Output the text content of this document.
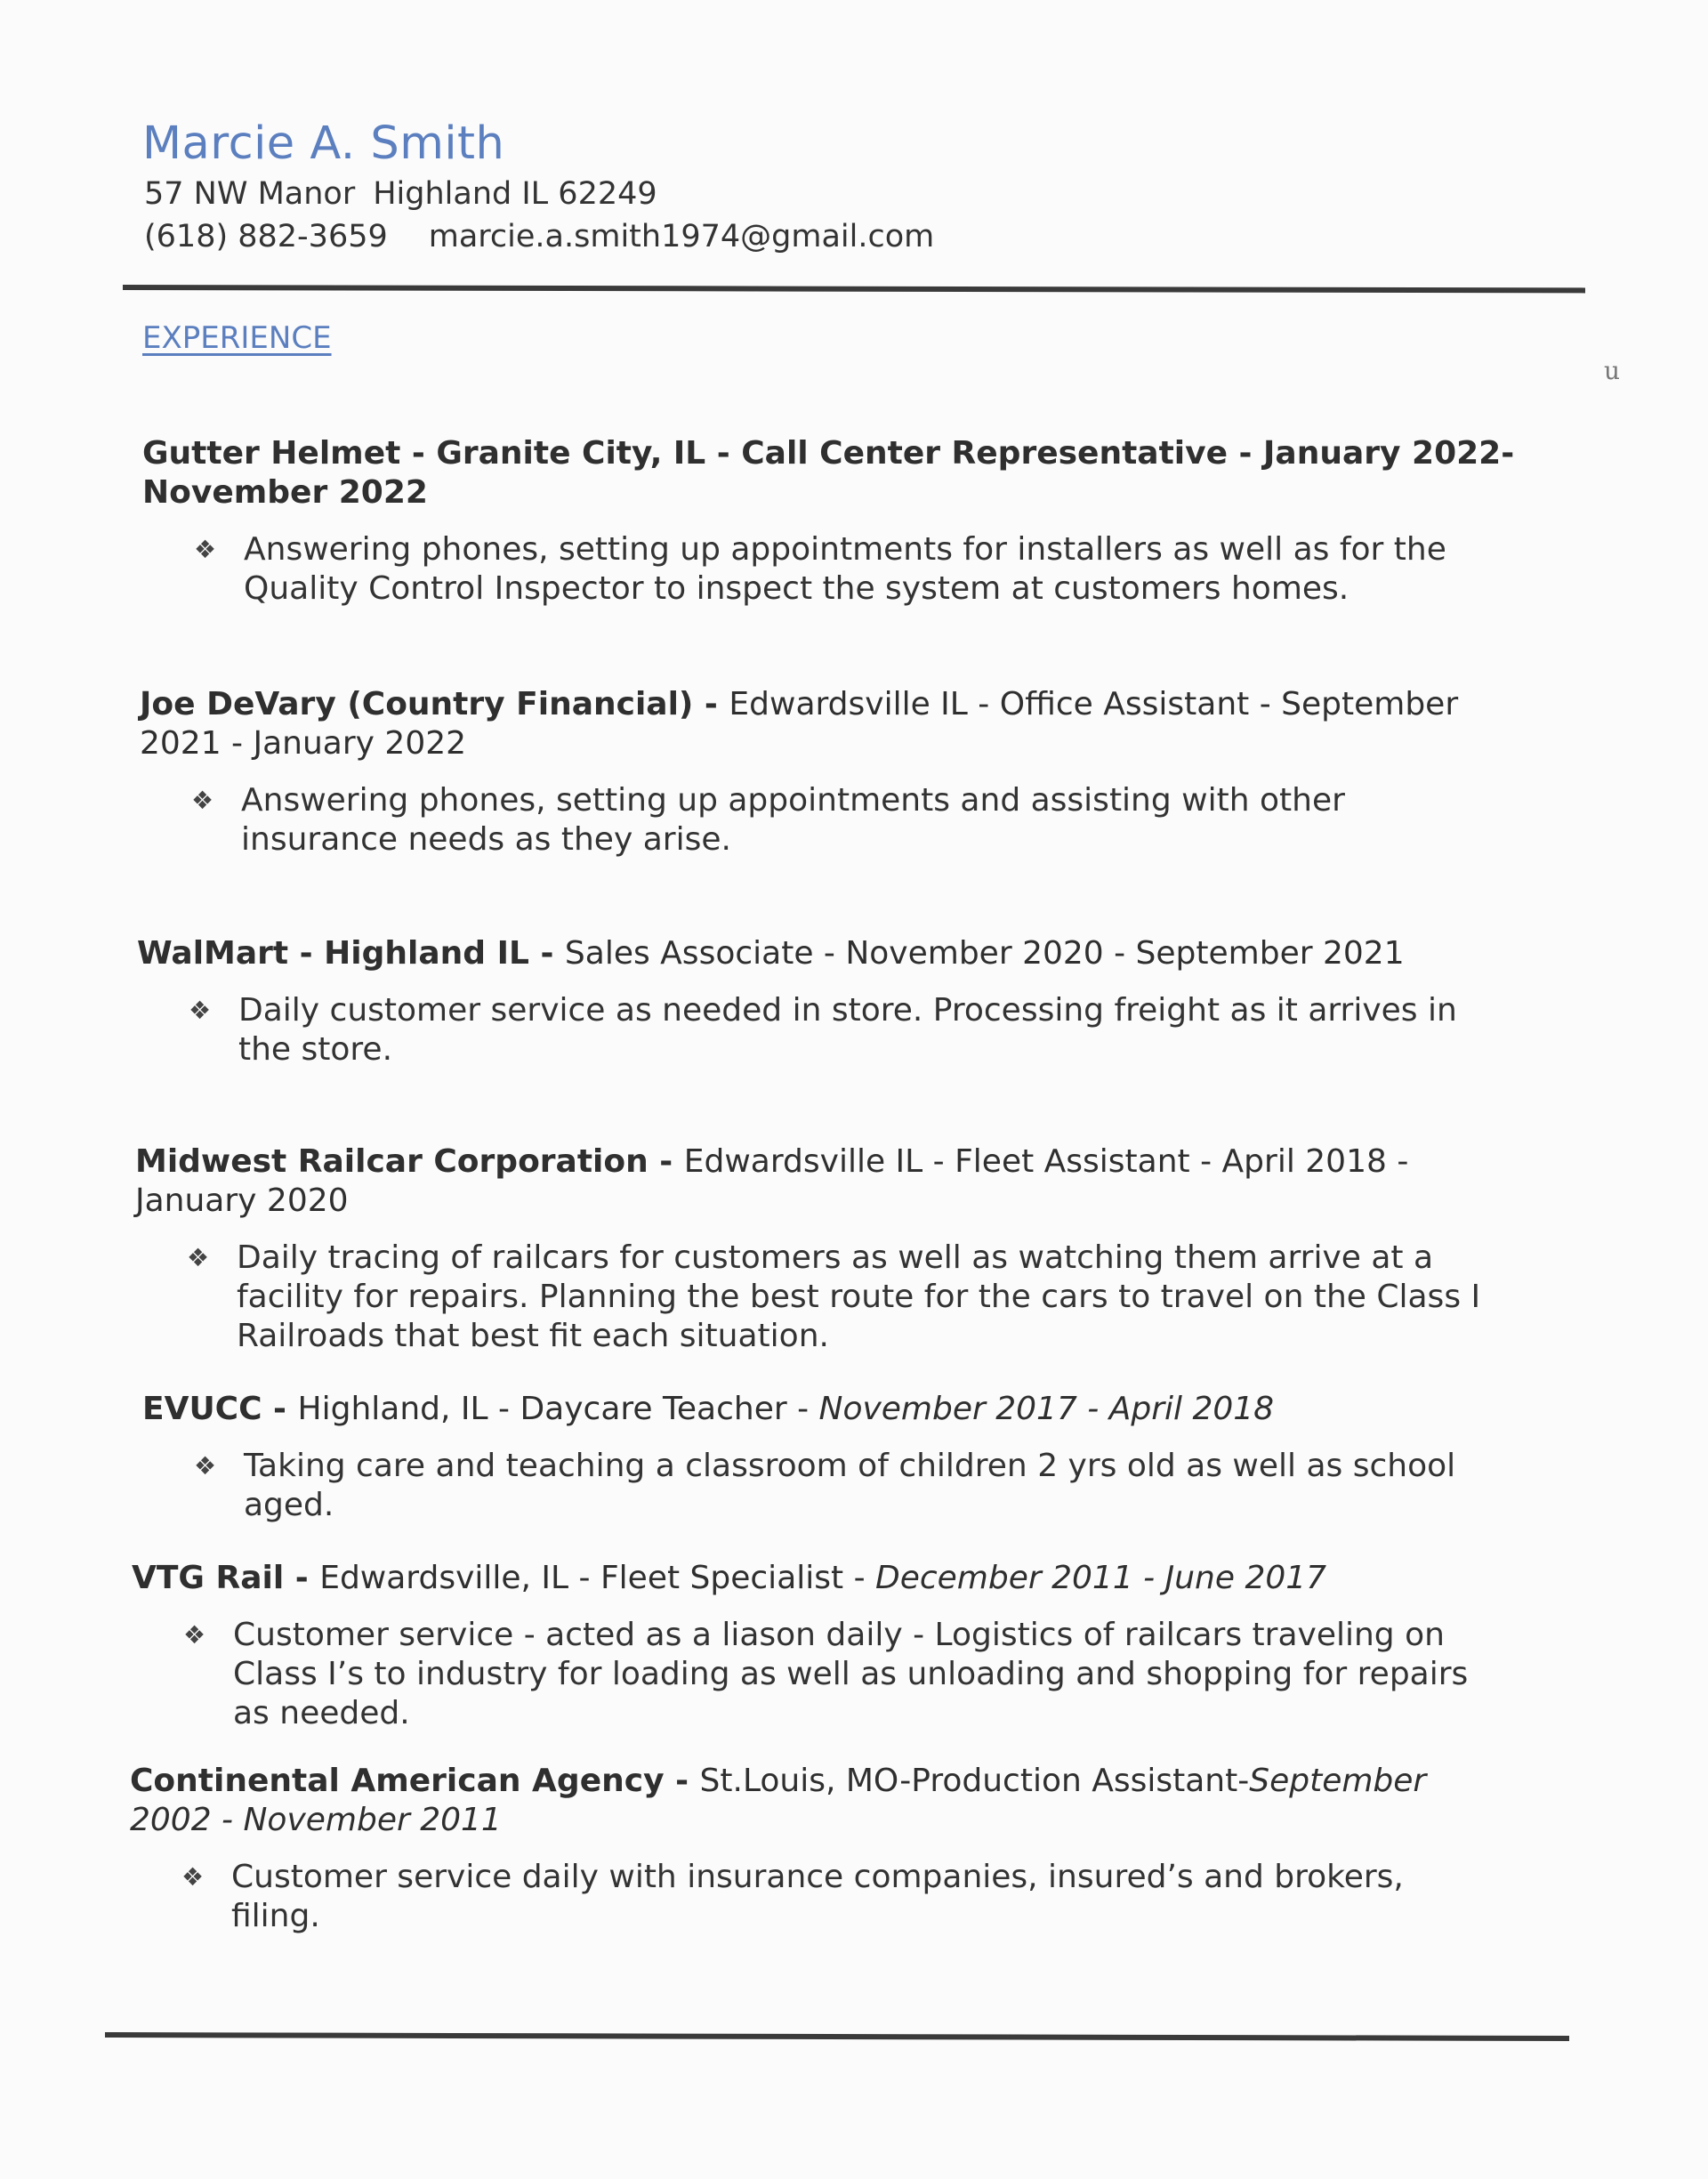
Marcie A. Smith
57 NW Manor Highland IL 62249
(618) 882-3659 marcie.a.smith1974@gmail.com
EXPERIENCE
u
Gutter Helmet - Granite City, IL - Call Center Representative - January 2022-November 2022
❖ Answering phones, setting up appointments for installers as well as for the Quality Control Inspector to inspect the system at customers homes.
Joe DeVary (Country Financial) - Edwardsville IL - Office Assistant - September 2021 - January 2022
❖ Answering phones, setting up appointments and assisting with other insurance needs as they arise.
WalMart - Highland IL - Sales Associate - November 2020 - September 2021
❖ Daily customer service as needed in store. Processing freight as it arrives in the store.
Midwest Railcar Corporation - Edwardsville IL - Fleet Assistant - April 2018 - January 2020
❖ Daily tracing of railcars for customers as well as watching them arrive at a facility for repairs. Planning the best route for the cars to travel on the Class I Railroads that best fit each situation.
EVUCC - Highland, IL - Daycare Teacher - November 2017 - April 2018
❖ Taking care and teaching a classroom of children 2 yrs old as well as school aged.
VTG Rail - Edwardsville, IL - Fleet Specialist - December 2011 - June 2017
❖ Customer service - acted as a liason daily - Logistics of railcars traveling on Class I’s to industry for loading as well as unloading and shopping for repairs as needed.
Continental American Agency - St.Louis, MO-Production Assistant-September 2002 - November 2011
❖ Customer service daily with insurance companies, insured’s and brokers, filing.
